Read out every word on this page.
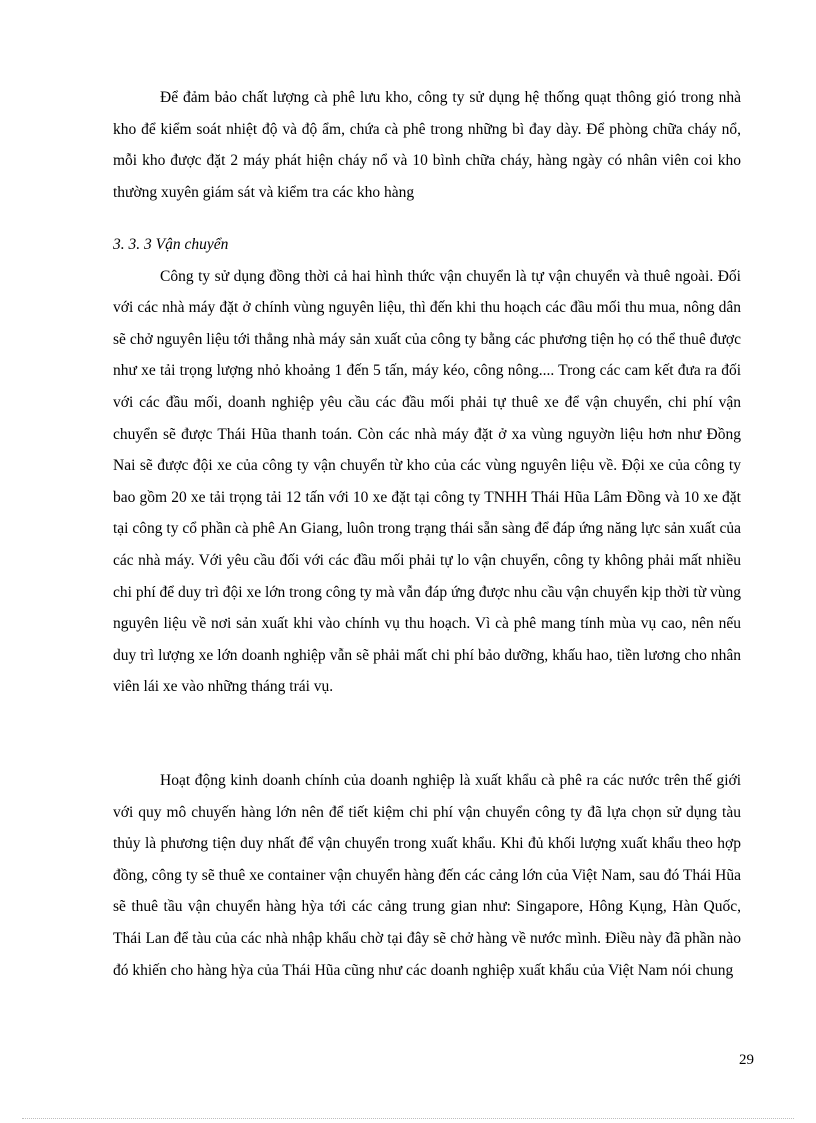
Để đảm bảo chất lượng cà phê lưu kho, công ty sử dụng hệ thống quạt thông gió trong nhà kho để kiểm soát nhiệt độ và độ ẩm, chứa cà phê trong những bì đay dày. Để phòng chữa cháy nổ, mỗi kho được đặt 2 máy phát hiện cháy nổ và 10 bình chữa cháy, hàng ngày có nhân viên coi kho thường xuyên giám sát và kiểm tra các kho hàng

3. 3. 3 Vận chuyển

Công ty sử dụng đồng thời cả hai hình thức vận chuyển là tự vận chuyển và thuê ngoài. Đối với các nhà máy đặt ở chính vùng nguyên liệu, thì đến khi thu hoạch các đầu mối thu mua, nông dân sẽ chở nguyên liệu tới thẳng nhà máy sản xuất của công ty bằng các phương tiện họ có thể thuê được như xe tải trọng lượng nhỏ khoảng 1 đến 5 tấn, máy kéo, công nông.... Trong các cam kết đưa ra đối với các đầu mối, doanh nghiệp yêu cầu các đầu mối phải tự thuê xe để vận chuyển, chi phí vận chuyển sẽ được Thái Hũa thanh toán. Còn các nhà máy đặt ở xa vùng nguyờn liệu hơn như Đồng Nai sẽ được đội xe của công ty vận chuyển từ kho của các vùng nguyên liệu về. Đội xe của công ty bao gồm 20 xe tải trọng tải 12 tấn với 10 xe đặt tại công ty TNHH Thái Hũa Lâm Đồng và 10 xe đặt tại công ty cổ phần cà phê An Giang, luôn trong trạng thái sẵn sàng để đáp ứng năng lực sản xuất của các nhà máy. Với yêu cầu đối với các đầu mối phải tự lo vận chuyển, công ty không phải mất nhiều chi phí để duy trì đội xe lớn trong công ty mà vẫn đáp ứng được nhu cầu vận chuyển kịp thời từ vùng nguyên liệu về nơi sản xuất khi vào chính vụ thu hoạch. Vì cà phê mang tính mùa vụ cao, nên nếu duy trì lượng xe lớn doanh nghiệp vẫn sẽ phải mất chi phí bảo dưỡng, khấu hao, tiền lương cho nhân viên lái xe vào những tháng trái vụ.

Hoạt động kinh doanh chính của doanh nghiệp là xuất khẩu cà phê ra các nước trên thế giới với quy mô chuyến hàng lớn nên để tiết kiệm chi phí vận chuyển công ty đã lựa chọn sử dụng tàu thủy là phương tiện duy nhất để vận chuyển trong xuất khẩu. Khi đủ khối lượng xuất khẩu theo hợp đồng, công ty sẽ thuê xe container vận chuyển hàng đến các cảng lớn của Việt Nam, sau đó Thái Hũa sẽ thuê tầu vận chuyển hàng hỳa tới các cảng trung gian như: Singapore, Hông Kụng, Hàn Quốc, Thái Lan để tàu của các nhà nhập khẩu chờ tại đây sẽ chở hàng về nước mình. Điều này đã phần nào đó khiến cho hàng hỳa của Thái Hũa cũng như các doanh nghiệp xuất khẩu của Việt Nam nói chung

29
